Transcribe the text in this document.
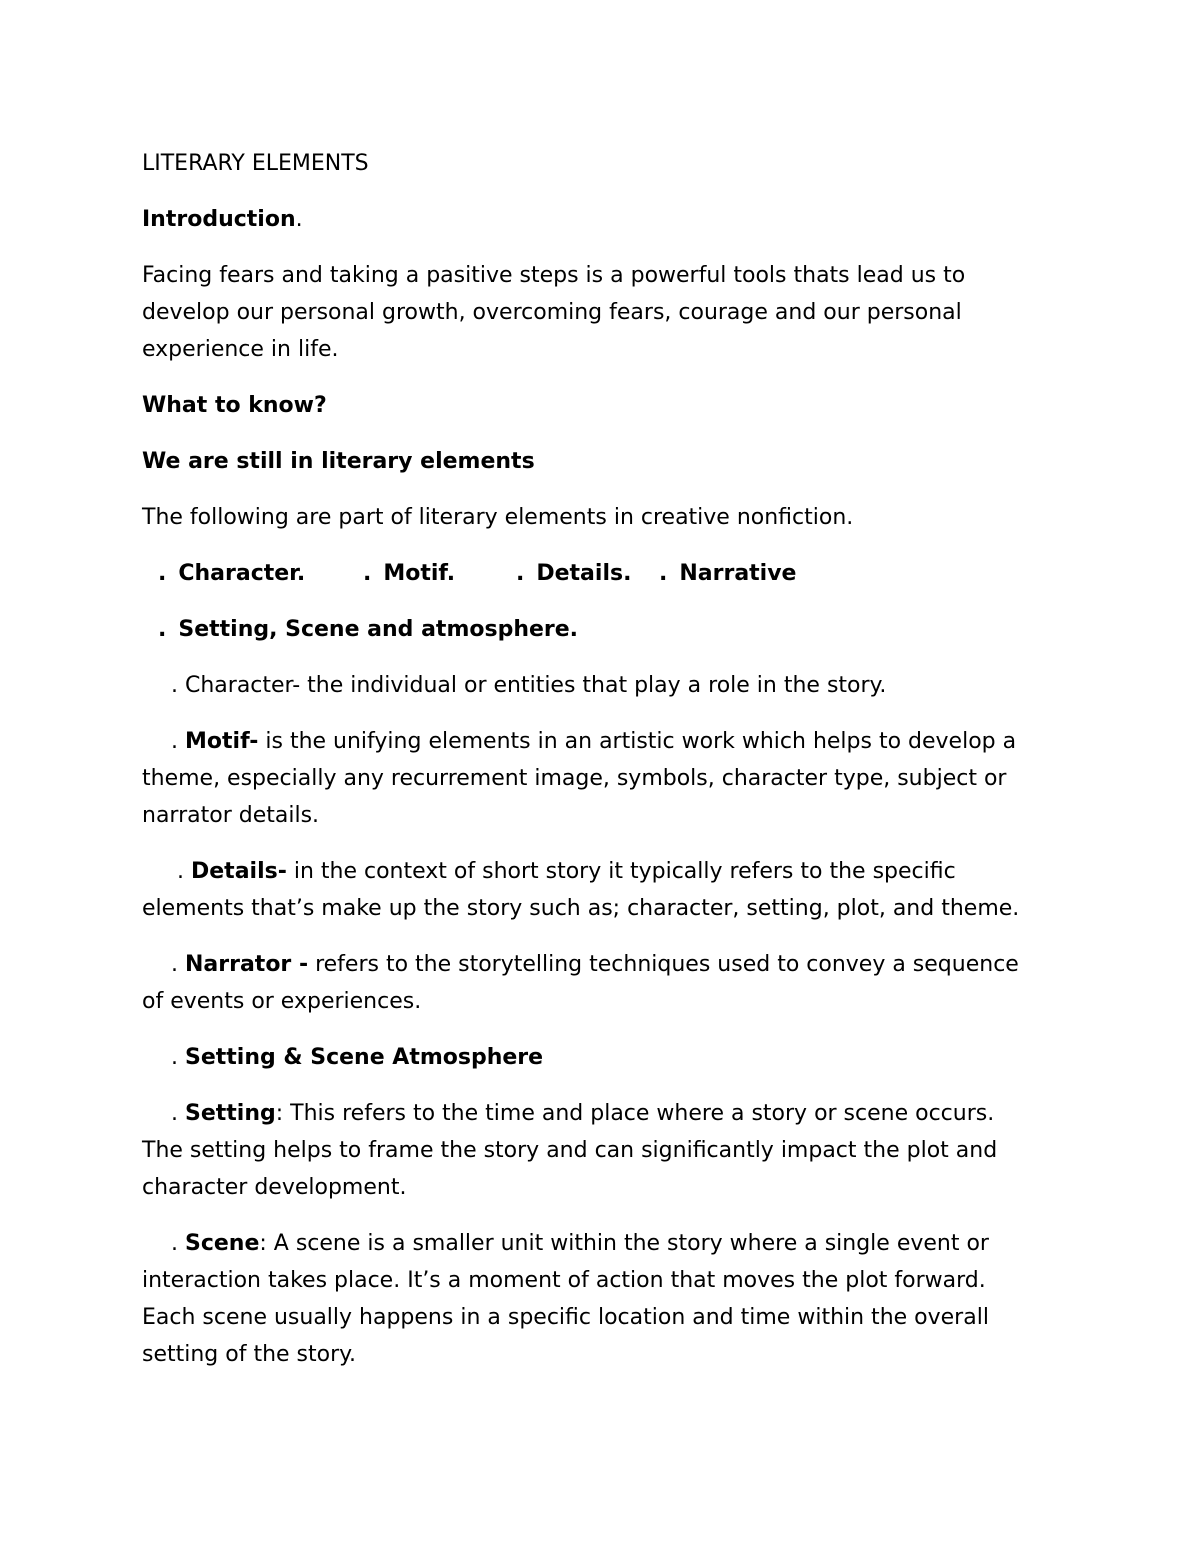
LITERARY ELEMENTS
Introduction.
Facing fears and taking a pasitive steps is a powerful tools thats lead us to
develop our personal growth, overcoming fears, courage and our personal
experience in life.
What to know?
We are still in literary elements
The following are part of literary elements in creative nonfiction.
. Character.	. Motif.	. Details.	. Narrative
. Setting, Scene and atmosphere.
. Character- the individual or entities that play a role in the story.
. Motif- is the unifying elements in an artistic work which helps to develop a
theme, especially any recurrement image, symbols, character type, subject or
narrator details.
. Details- in the context of short story it typically refers to the specific
elements that’s make up the story such as; character, setting, plot, and theme.
. Narrator - refers to the storytelling techniques used to convey a sequence
of events or experiences.
. Setting & Scene Atmosphere
. Setting: This refers to the time and place where a story or scene occurs.
The setting helps to frame the story and can significantly impact the plot and
character development.
. Scene: A scene is a smaller unit within the story where a single event or
interaction takes place. It’s a moment of action that moves the plot forward.
Each scene usually happens in a specific location and time within the overall
setting of the story.
